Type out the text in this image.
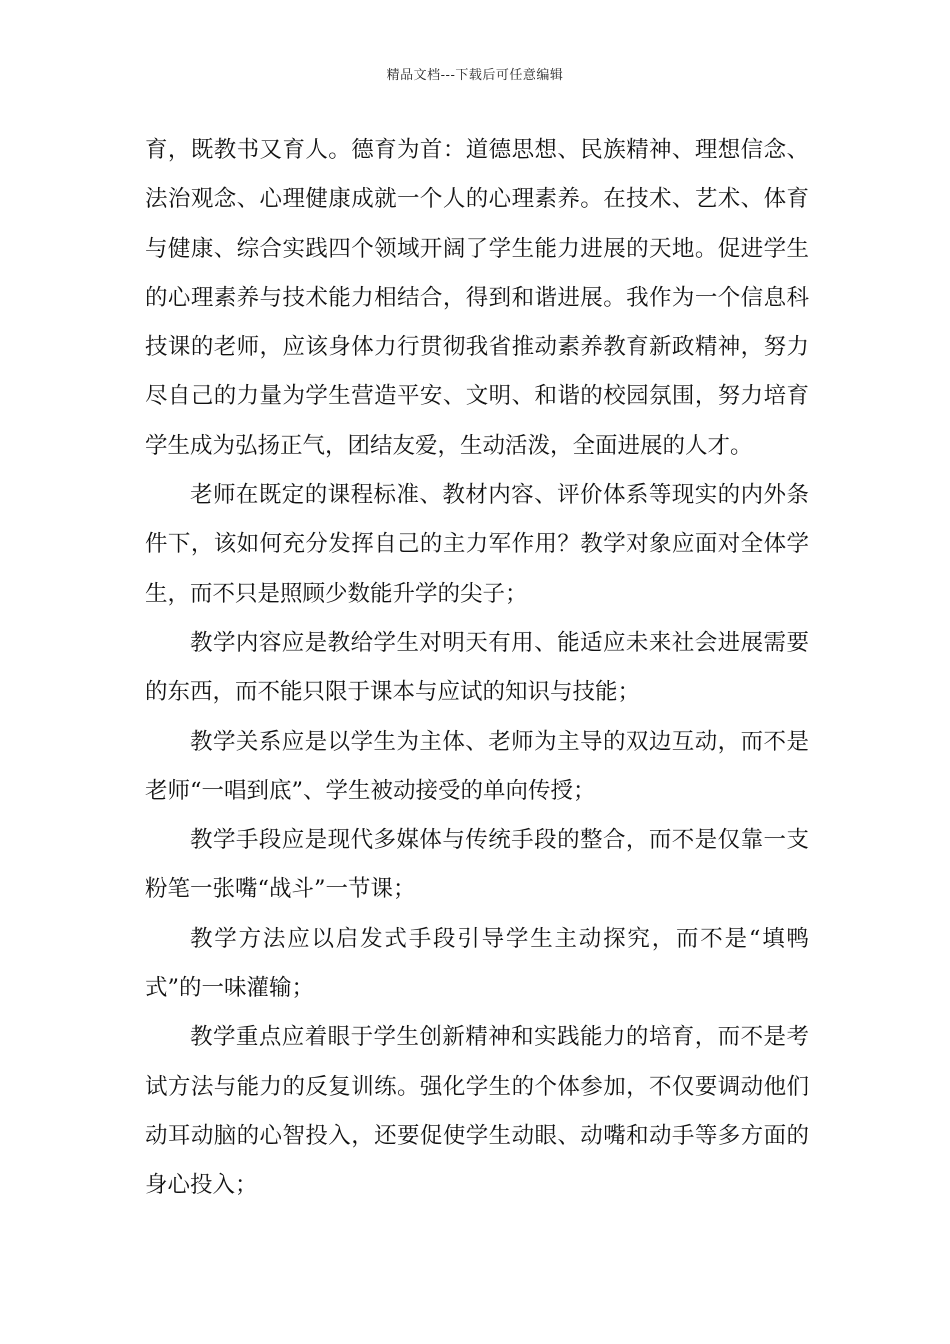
精品文档---下载后可任意编辑

育，既教书又育人。德育为首：道德思想、民族精神、理想信念、法治观念、心理健康成就一个人的心理素养。在技术、艺术、体育与健康、综合实践四个领域开阔了学生能力进展的天地。促进学生的心理素养与技术能力相结合，得到和谐进展。我作为一个信息科技课的老师，应该身体力行贯彻我省推动素养教育新政精神，努力尽自己的力量为学生营造平安、文明、和谐的校园氛围，努力培育学生成为弘扬正气，团结友爱，生动活泼，全面进展的人才。

老师在既定的课程标准、教材内容、评价体系等现实的内外条件下，该如何充分发挥自己的主力军作用？教学对象应面对全体学生，而不只是照顾少数能升学的尖子；

教学内容应是教给学生对明天有用、能适应未来社会进展需要的东西，而不能只限于课本与应试的知识与技能；

教学关系应是以学生为主体、老师为主导的双边互动，而不是老师“一唱到底”、学生被动接受的单向传授；

教学手段应是现代多媒体与传统手段的整合，而不是仅靠一支粉笔一张嘴“战斗”一节课；

教学方法应以启发式手段引导学生主动探究，而不是“填鸭式”的一味灌输；

教学重点应着眼于学生创新精神和实践能力的培育，而不是考试方法与能力的反复训练。强化学生的个体参加，不仅要调动他们动耳动脑的心智投入，还要促使学生动眼、动嘴和动手等多方面的身心投入；
